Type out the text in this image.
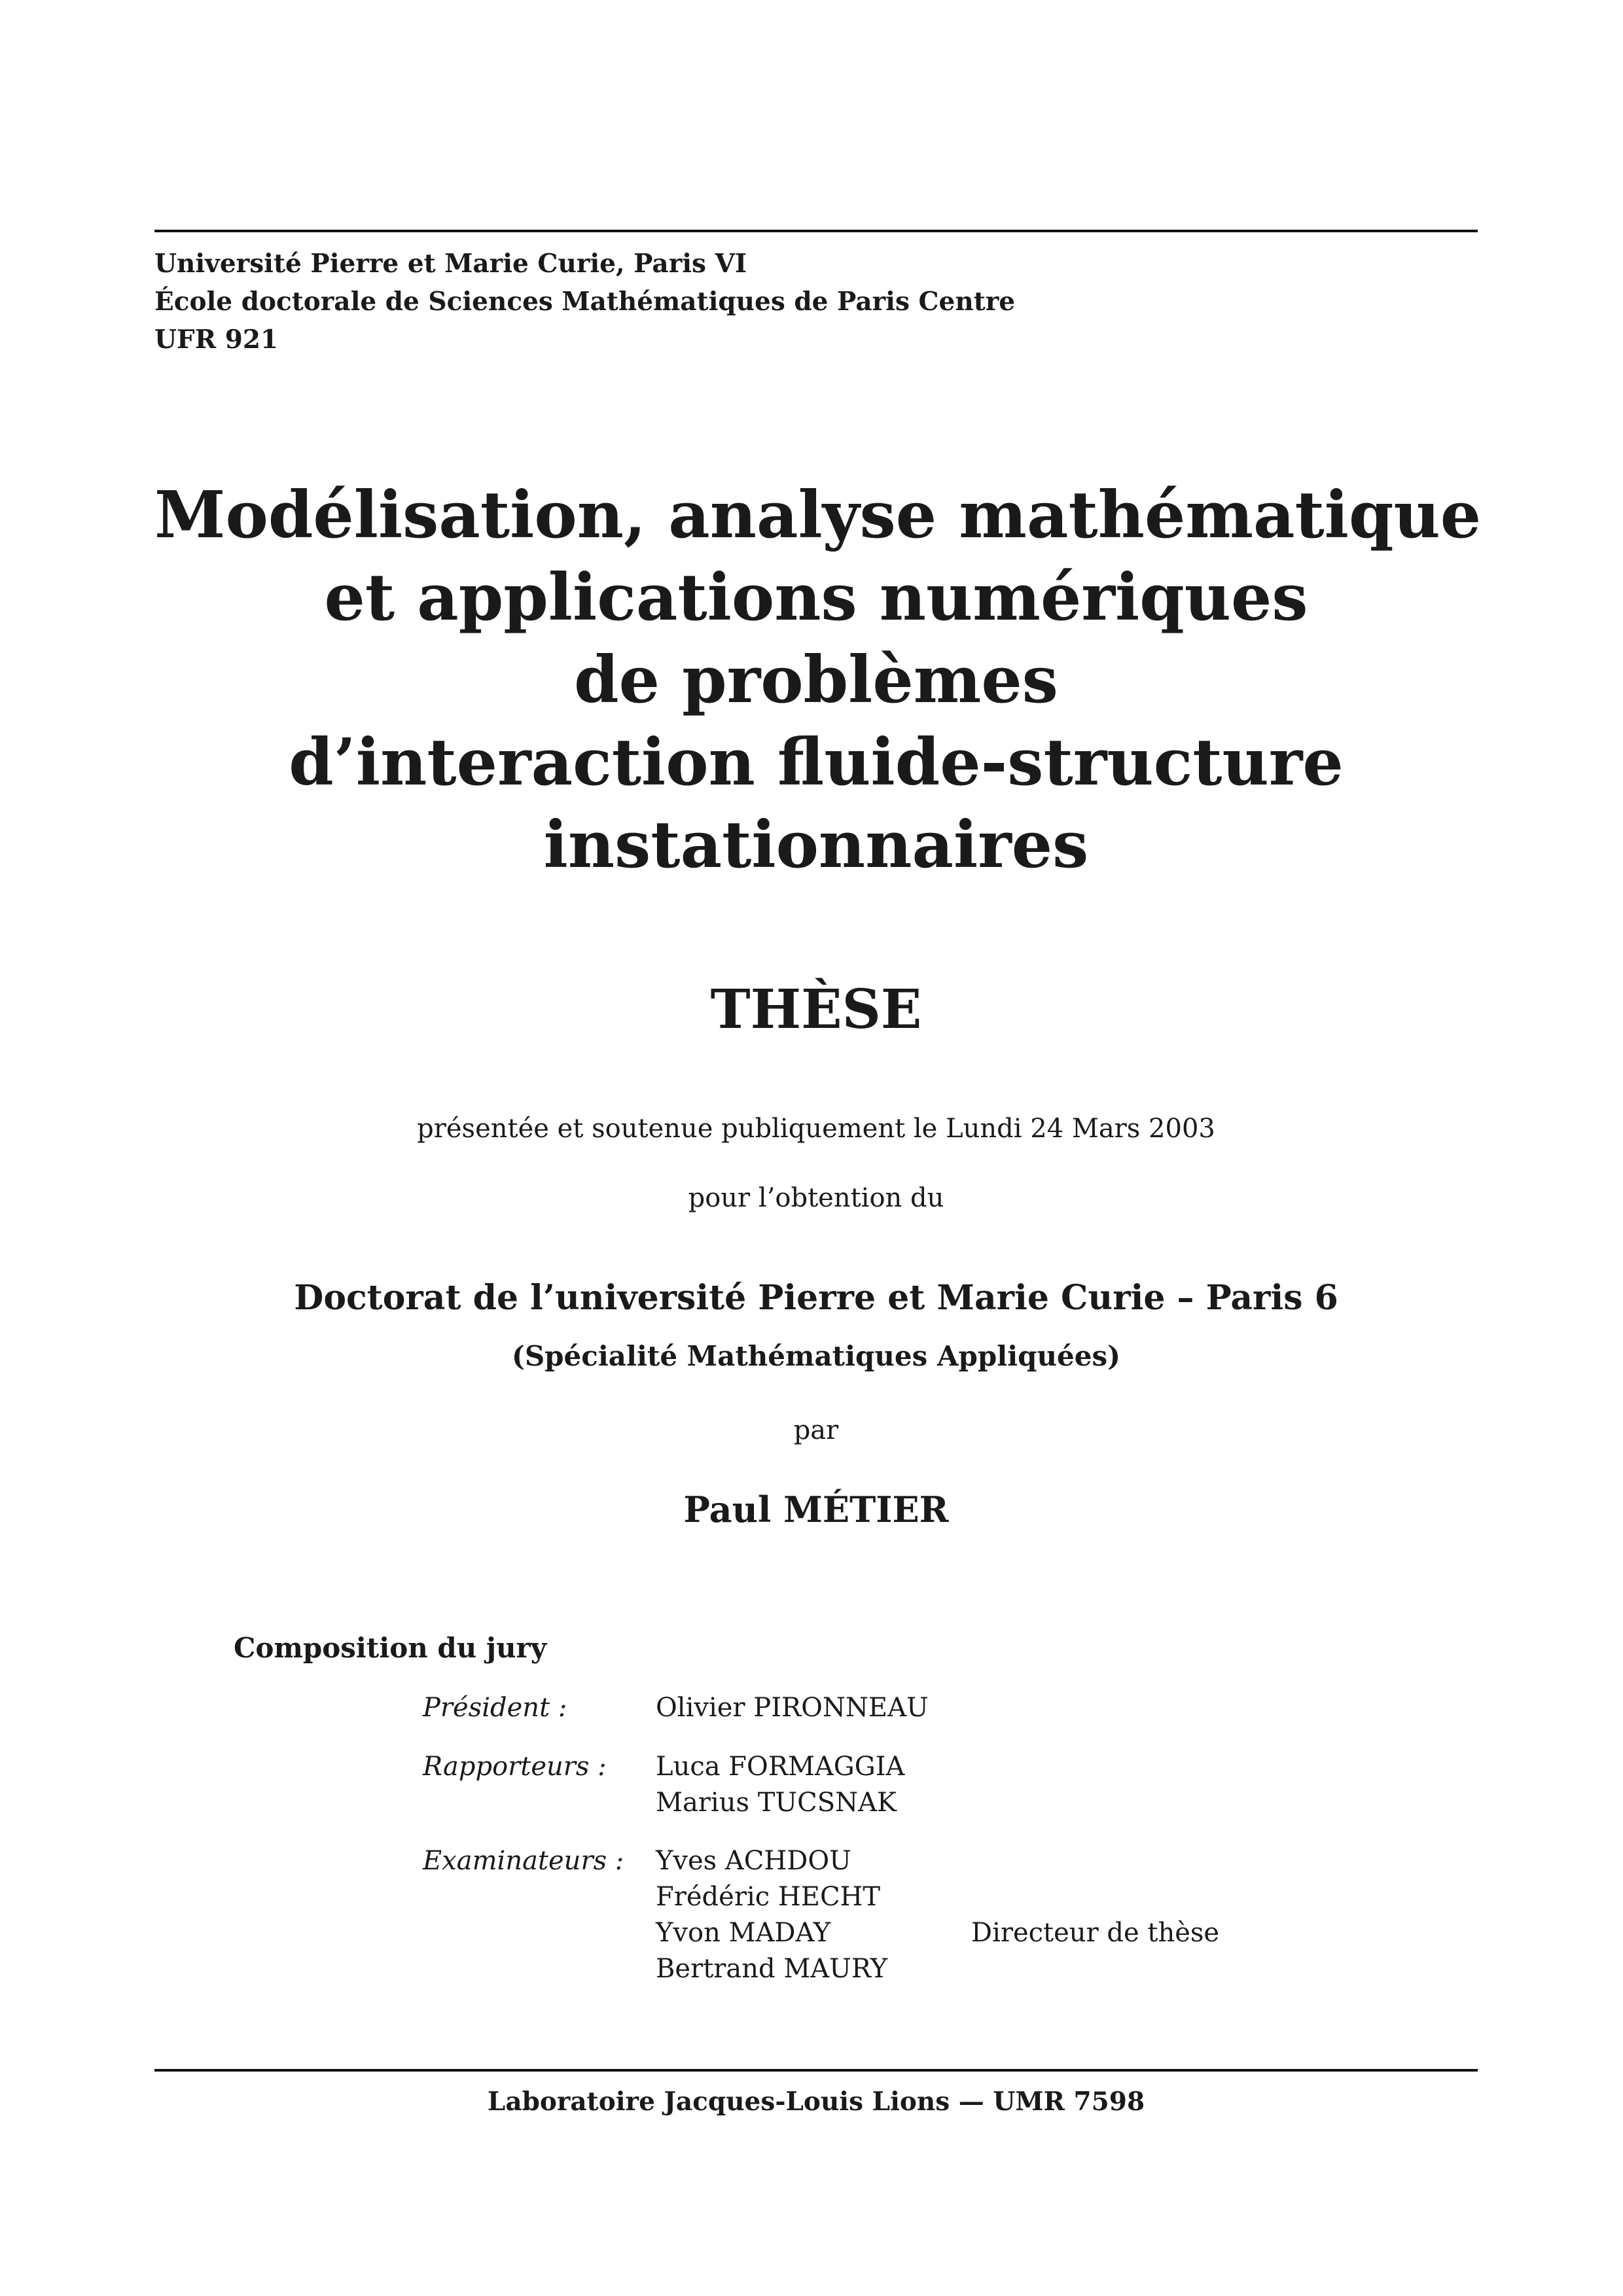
Université Pierre et Marie Curie, Paris VI
École doctorale de Sciences Mathématiques de Paris Centre
UFR 921
Modélisation, analyse mathématique
et applications numériques
de problèmes
d’interaction fluide-structure
instationnaires
THÈSE
présentée et soutenue publiquement le Lundi 24 Mars 2003
pour l’obtention du
Doctorat de l’université Pierre et Marie Curie – Paris 6
(Spécialité Mathématiques Appliquées)
par
Paul MÉTIER
Composition du jury
Président :	Olivier PIRONNEAU
Rapporteurs : Luca FORMAGGIA
Marius TUCSNAK
Examinateurs : Yves ACHDOU
Frédéric HECHT
Yvon MADAY	Directeur de thèse
Bertrand MAURY
Laboratoire Jacques-Louis Lions — UMR 7598
